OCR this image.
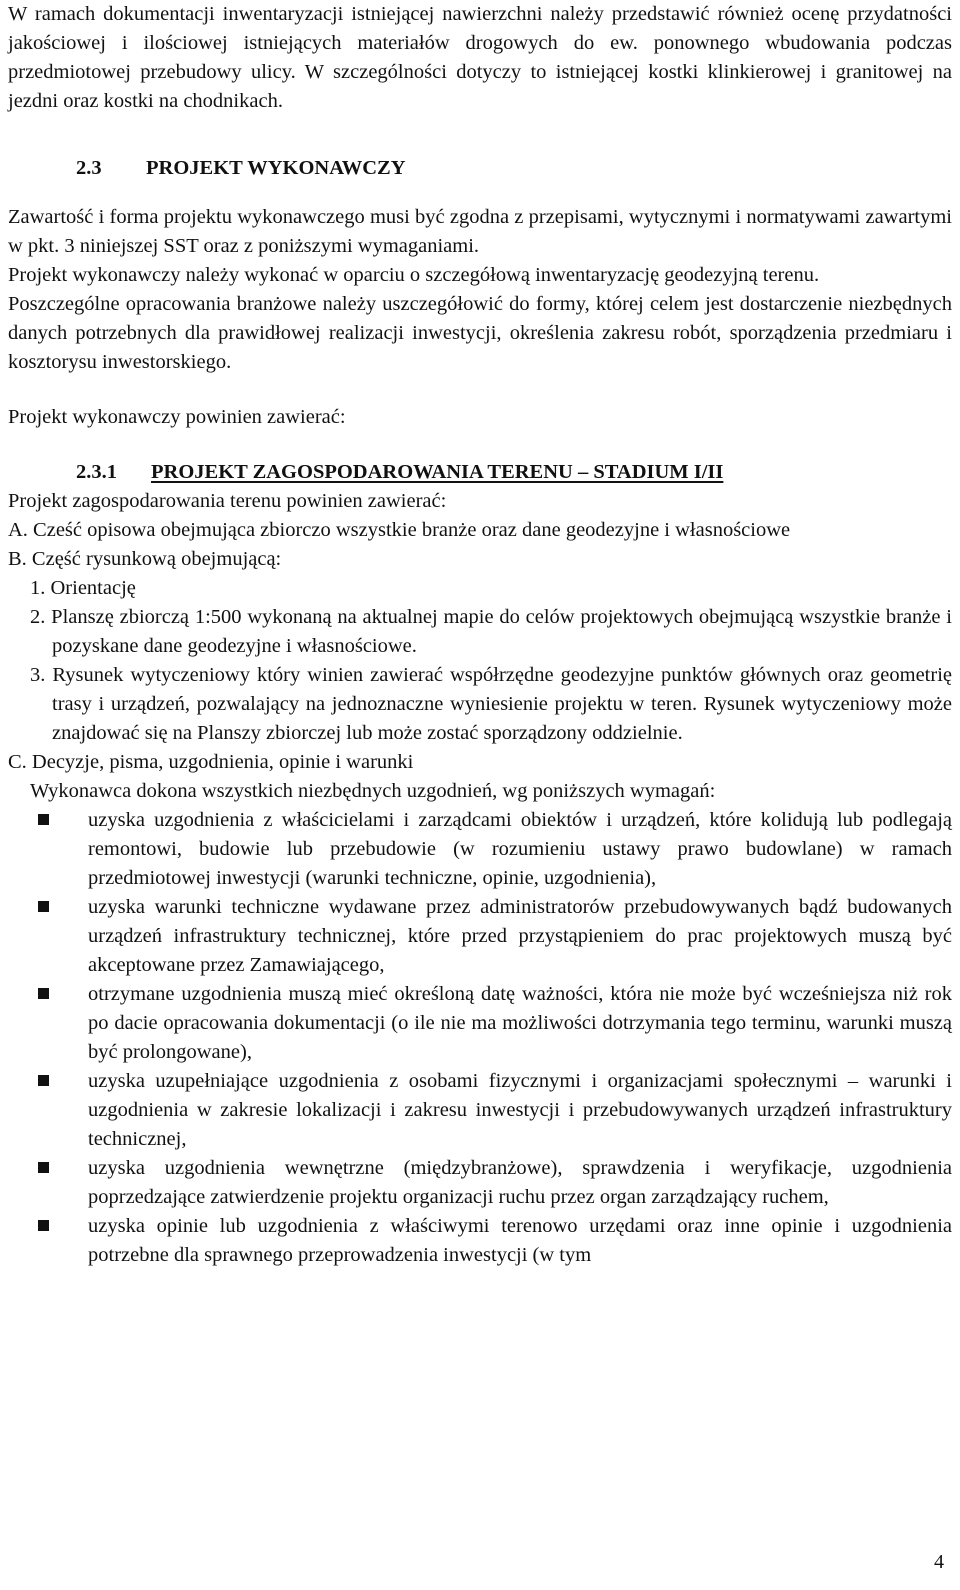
W ramach dokumentacji inwentaryzacji istniejącej nawierzchni należy przedstawić również ocenę przydatności jakościowej i ilościowej istniejących materiałów drogowych do ew. ponownego wbudowania podczas przedmiotowej przebudowy ulicy. W szczególności dotyczy to istniejącej kostki klinkierowej i granitowej na jezdni oraz kostki na chodnikach.

2.3 PROJEKT WYKONAWCZY

Zawartość i forma projektu wykonawczego musi być zgodna z przepisami, wytycznymi i normatywami zawartymi w pkt. 3 niniejszej SST oraz z poniższymi wymaganiami.

Projekt wykonawczy należy wykonać w oparciu o szczegółową inwentaryzację geodezyjną terenu.

Poszczególne opracowania branżowe należy uszczegółowić do formy, której celem jest dostarczenie niezbędnych danych potrzebnych dla prawidłowej realizacji inwestycji, określenia zakresu robót, sporządzenia przedmiaru i kosztorysu inwestorskiego.

Projekt wykonawczy powinien zawierać:

2.3.1 PROJEKT ZAGOSPODAROWANIA TERENU – STADIUM I/II

Projekt zagospodarowania terenu powinien zawierać:

A. Cześć opisowa obejmująca zbiorczo wszystkie branże oraz dane geodezyjne i własnościowe

B. Część rysunkową obejmującą:

1. Orientację

2. Planszę zbiorczą 1:500 wykonaną na aktualnej mapie do celów projektowych obejmującą wszystkie branże i pozyskane dane geodezyjne i własnościowe.

3. Rysunek wytyczeniowy który winien zawierać współrzędne geodezyjne punktów głównych oraz geometrię trasy i urządzeń, pozwalający na jednoznaczne wyniesienie projektu w teren. Rysunek wytyczeniowy może znajdować się na Planszy zbiorczej lub może zostać sporządzony oddzielnie.

C. Decyzje, pisma, uzgodnienia, opinie i warunki

Wykonawca dokona wszystkich niezbędnych uzgodnień, wg poniższych wymagań:

uzyska uzgodnienia z właścicielami i zarządcami obiektów i urządzeń, które kolidują lub podlegają remontowi, budowie lub przebudowie (w rozumieniu ustawy prawo budowlane) w ramach przedmiotowej inwestycji (warunki techniczne, opinie, uzgodnienia),
uzyska warunki techniczne wydawane przez administratorów przebudowywanych bądź budowanych urządzeń infrastruktury technicznej, które przed przystąpieniem do prac projektowych muszą być akceptowane przez Zamawiającego,
otrzymane uzgodnienia muszą mieć określoną datę ważności, która nie może być wcześniejsza niż rok po dacie opracowania dokumentacji (o ile nie ma możliwości dotrzymania tego terminu, warunki muszą być prolongowane),
uzyska uzupełniające uzgodnienia z osobami fizycznymi i organizacjami społecznymi – warunki i uzgodnienia w zakresie lokalizacji i zakresu inwestycji i przebudowywanych urządzeń infrastruktury technicznej,
uzyska uzgodnienia wewnętrzne (międzybranżowe), sprawdzenia i weryfikacje, uzgodnienia poprzedzające zatwierdzenie projektu organizacji ruchu przez organ zarządzający ruchem,
uzyska opinie lub uzgodnienia z właściwymi terenowo urzędami oraz inne opinie i uzgodnienia potrzebne dla sprawnego przeprowadzenia inwestycji (w tym
4
